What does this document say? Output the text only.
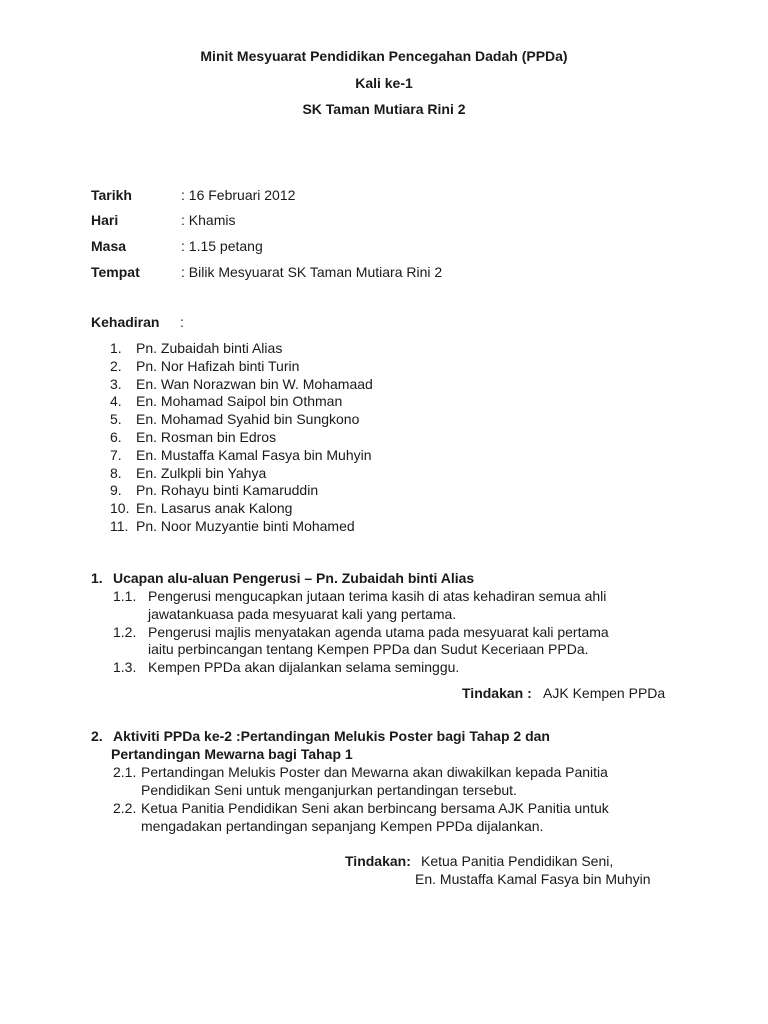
Minit Mesyuarat Pendidikan Pencegahan Dadah (PPDa)
Kali ke-1
SK Taman Mutiara Rini 2
Tarikh	: 16 Februari 2012
Hari	: Khamis
Masa	: 1.15 petang
Tempat	: Bilik Mesyuarat SK Taman Mutiara Rini 2
Kehadiran :
1.	Pn. Zubaidah binti Alias
2.	Pn. Nor Hafizah binti Turin
3.	En. Wan Norazwan bin W. Mohamaad
4.	En. Mohamad Saipol bin Othman
5.	En. Mohamad Syahid bin Sungkono
6.	En. Rosman bin Edros
7.	En. Mustaffa Kamal Fasya bin Muhyin
8.	En. Zulkpli bin Yahya
9.	Pn. Rohayu binti Kamaruddin
10. En. Lasarus anak Kalong
11. Pn. Noor Muzyantie binti Mohamed
1. Ucapan alu-aluan Pengerusi – Pn. Zubaidah binti Alias
1.1. Pengerusi mengucapkan jutaan terima kasih di atas kehadiran semua ahli
jawatankuasa pada mesyuarat kali yang pertama.
1.2. Pengerusi majlis menyatakan agenda utama pada mesyuarat kali pertama
iaitu perbincangan tentang Kempen PPDa dan Sudut Keceriaan PPDa.
1.3. Kempen PPDa akan dijalankan selama seminggu.
Tindakan : AJK Kempen PPDa
2. Aktiviti PPDa ke-2 :Pertandingan Melukis Poster bagi Tahap 2 dan
Pertandingan Mewarna bagi Tahap 1
2.1. Pertandingan Melukis Poster dan Mewarna akan diwakilkan kepada Panitia
Pendidikan Seni untuk menganjurkan pertandingan tersebut.
2.2. Ketua Panitia Pendidikan Seni akan berbincang bersama AJK Panitia untuk
mengadakan pertandingan sepanjang Kempen PPDa dijalankan.
Tindakan: Ketua Panitia Pendidikan Seni,
En. Mustaffa Kamal Fasya bin Muhyin
